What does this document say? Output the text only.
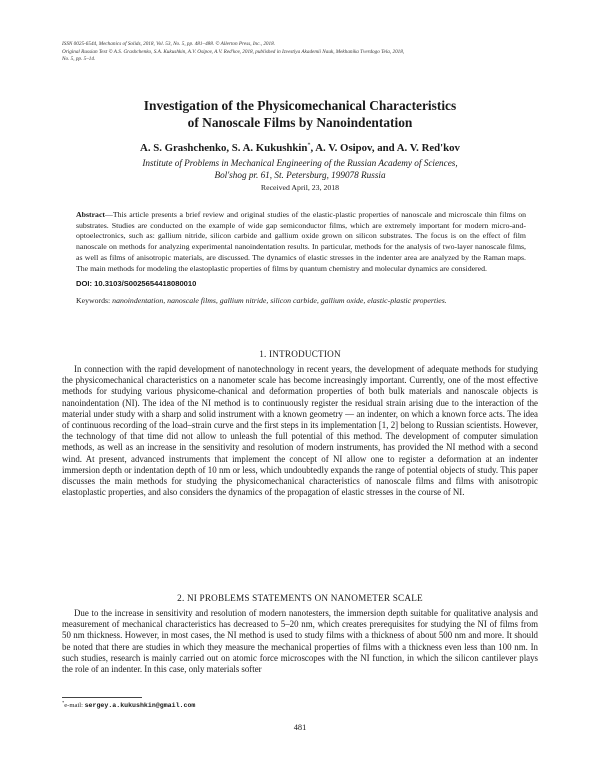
ISSN 0025-6544, Mechanics of Solids, 2018, Vol. 53, No. 5, pp. 481–488. © Allerton Press, Inc., 2018.
Original Russian Text © A.S. Grashchenko, S.A. Kukushkin, A.V. Osipov, A.V. Red'kov, 2018, published in Izvestiya Akademii Nauk, Mekhanika Tverdogo Tela, 2018,
No. 5, pp. 5–14.
Investigation of the Physicomechanical Characteristics
of Nanoscale Films by Nanoindentation
A. S. Grashchenko, S. A. Kukushkin*, A. V. Osipov, and A. V. Red'kov
Institute of Problems in Mechanical Engineering of the Russian Academy of Sciences,
Bol'shog pr. 61, St. Petersburg, 199078 Russia
Received April, 23, 2018
Abstract—This article presents a brief review and original studies of the elastic-plastic properties of nanoscale and microscale thin films on substrates. Studies are conducted on the example of wide gap semiconductor films, which are extremely important for modern micro-and-optoelectronics, such as: gallium nitride, silicon carbide and gallium oxide grown on silicon substrates. The focus is on the effect of film nanoscale on methods for analyzing experimental nanoindentation results. In particular, methods for the analysis of two-layer nanoscale films, as well as films of anisotropic materials, are discussed. The dynamics of elastic stresses in the indenter area are analyzed by the Raman maps. The main methods for modeling the elastoplastic properties of films by quantum chemistry and molecular dynamics are considered.
DOI: 10.3103/S0025654418080010
Keywords: nanoindentation, nanoscale films, gallium nitride, silicon carbide, gallium oxide, elastic-plastic properties.
1. INTRODUCTION
In connection with the rapid development of nanotechnology in recent years, the development of adequate methods for studying the physicomechanical characteristics on a nanometer scale has become increasingly important. Currently, one of the most effective methods for studying various physicome-chanical and deformation properties of both bulk materials and nanoscale objects is nanoindentation (NI). The idea of the NI method is to continuously register the residual strain arising due to the interaction of the material under study with a sharp and solid instrument with a known geometry — an indenter, on which a known force acts. The idea of continuous recording of the load–strain curve and the first steps in its implementation [1, 2] belong to Russian scientists. However, the technology of that time did not allow to unleash the full potential of this method. The development of computer simulation methods, as well as an increase in the sensitivity and resolution of modern instruments, has provided the NI method with a second wind. At present, advanced instruments that implement the concept of NI allow one to register a deformation at an indenter immersion depth or indentation depth of 10 nm or less, which undoubtedly expands the range of potential objects of study. This paper discusses the main methods for studying the physicomechanical characteristics of nanoscale films and films with anisotropic elastoplastic properties, and also considers the dynamics of the propagation of elastic stresses in the course of NI.
2. NI PROBLEMS STATEMENTS ON NANOMETER SCALE
Due to the increase in sensitivity and resolution of modern nanotesters, the immersion depth suitable for qualitative analysis and measurement of mechanical characteristics has decreased to 5–20 nm, which creates prerequisites for studying the NI of films from 50 nm thickness. However, in most cases, the NI method is used to study films with a thickness of about 500 nm and more. It should be noted that there are studies in which they measure the mechanical properties of films with a thickness even less than 100 nm. In such studies, research is mainly carried out on atomic force microscopes with the NI function, in which the silicon cantilever plays the role of an indenter. In this case, only materials softer
*e-mail: sergey.a.kukushkin@gmail.com
481
